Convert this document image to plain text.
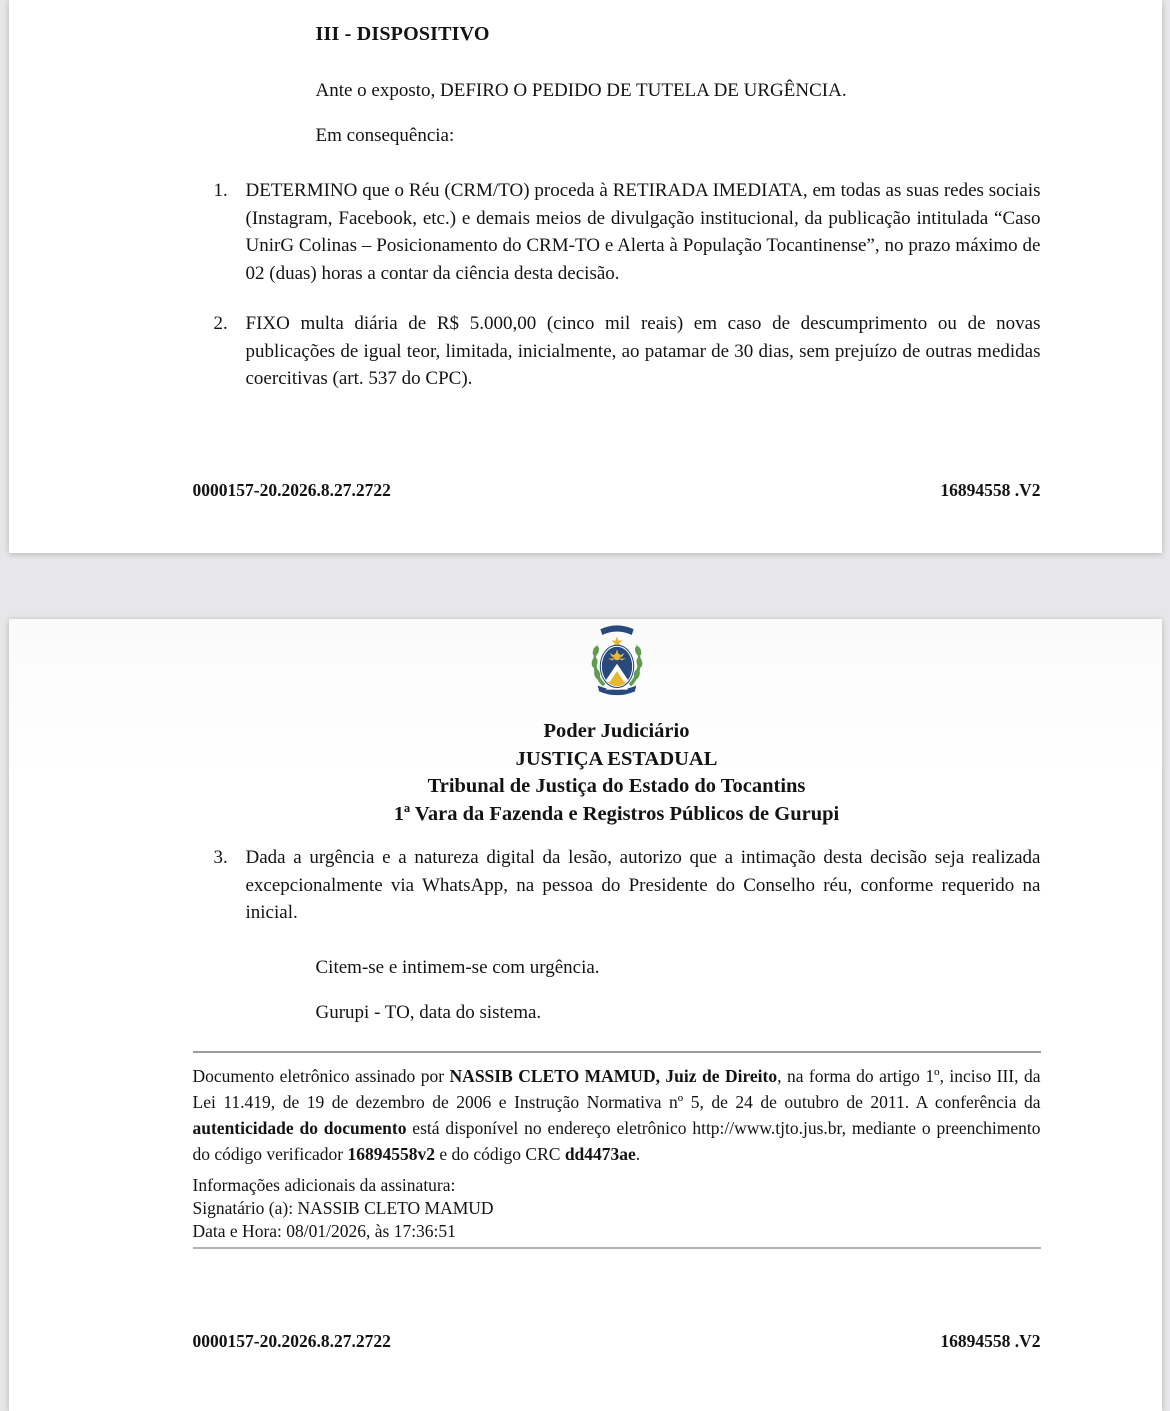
III - DISPOSITIVO

Ante o exposto, DEFIRO O PEDIDO DE TUTELA DE URGÊNCIA.

Em consequência:

1. DETERMINO que o Réu (CRM/TO) proceda à RETIRADA IMEDIATA, em todas as suas redes sociais (Instagram, Facebook, etc.) e demais meios de divulgação institucional, da publicação intitulada “Caso UnirG Colinas – Posicionamento do CRM-TO e Alerta à População Tocantinense”, no prazo máximo de 02 (duas) horas a contar da ciência desta decisão.
2. FIXO multa diária de R$ 5.000,00 (cinco mil reais) em caso de descumprimento ou de novas publicações de igual teor, limitada, inicialmente, ao patamar de 30 dias, sem prejuízo de outras medidas coercitivas (art. 537 do CPC).
0000157-20.2026.8.27.2722	16894558 .V2
Poder Judiciário
JUSTIÇA ESTADUAL
Tribunal de Justiça do Estado do Tocantins
1ª Vara da Fazenda e Registros Públicos de Gurupi
3. Dada a urgência e a natureza digital da lesão, autorizo que a intimação desta decisão seja realizada excepcionalmente via WhatsApp, na pessoa do Presidente do Conselho réu, conforme requerido na inicial.

Citem-se e intimem-se com urgência.

Gurupi - TO, data do sistema.

Documento eletrônico assinado por NASSIB CLETO MAMUD, Juiz de Direito, na forma do artigo 1º, inciso III, da Lei 11.419, de 19 de dezembro de 2006 e Instrução Normativa nº 5, de 24 de outubro de 2011. A conferência da autenticidade do documento está disponível no endereço eletrônico http://www.tjto.jus.br, mediante o preenchimento do código verificador 16894558v2 e do código CRC dd4473ae.

Informações adicionais da assinatura:
Signatário (a): NASSIB CLETO MAMUD
Data e Hora: 08/01/2026, às 17:36:51
0000157-20.2026.8.27.2722	16894558 .V2
